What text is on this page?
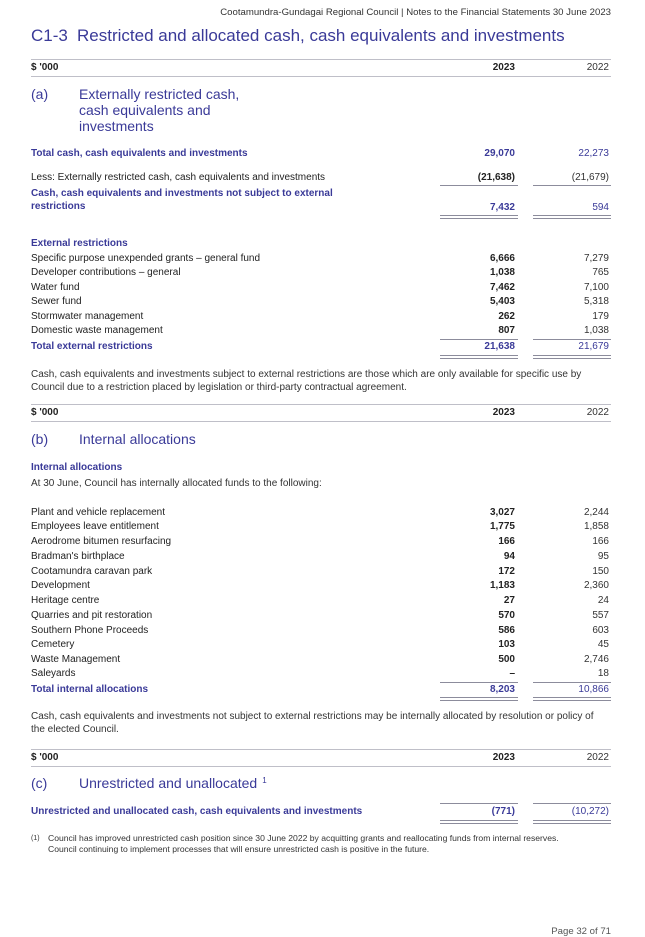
Cootamundra-Gundagai Regional Council | Notes to the Financial Statements 30 June 2023
C1-3 Restricted and allocated cash, cash equivalents and investments
$ '000	2023	2022
(a) Externally restricted cash,
cash equivalents and
investments
Total cash, cash equivalents and investments	29,070	22,273
Less: Externally restricted cash, cash equivalents and investments	(21,638)	(21,679)
Cash, cash equivalents and investments not subject to external
restrictions	7,432	594
External restrictions
Specific purpose unexpended grants – general fund	6,666	7,279
Developer contributions – general	1,038	765
Water fund	7,462	7,100
Sewer fund	5,403	5,318
Stormwater management	262	179
Domestic waste management	807	1,038
Total external restrictions	21,638	21,679
Cash, cash equivalents and investments subject to external restrictions are those which are only available for specific use by Council due to a restriction placed by legislation or third-party contractual agreement.
$ '000	2023	2022
(b) Internal allocations
Internal allocations
At 30 June, Council has internally allocated funds to the following:
Plant and vehicle replacement	3,027	2,244
Employees leave entitlement	1,775	1,858
Aerodrome bitumen resurfacing	166	166
Bradman's birthplace	94	95
Cootamundra caravan park	172	150
Development	1,183	2,360
Heritage centre	27	24
Quarries and pit restoration	570	557
Southern Phone Proceeds	586	603
Cemetery	103	45
Waste Management	500	2,746
Saleyards	–	18
Total internal allocations	8,203	10,866
Cash, cash equivalents and investments not subject to external restrictions may be internally allocated by resolution or policy of the elected Council.
$ '000	2023	2022
(c) Unrestricted and unallocated $^1$
Unrestricted and unallocated cash, cash equivalents and investments	(771)	(10,272)
(1) Council has improved unrestricted cash position since 30 June 2022 by acquitting grants and reallocating funds from internal reserves.
Council continuing to implement processes that will ensure unrestricted cash is positive in the future.
Page 32 of 71
